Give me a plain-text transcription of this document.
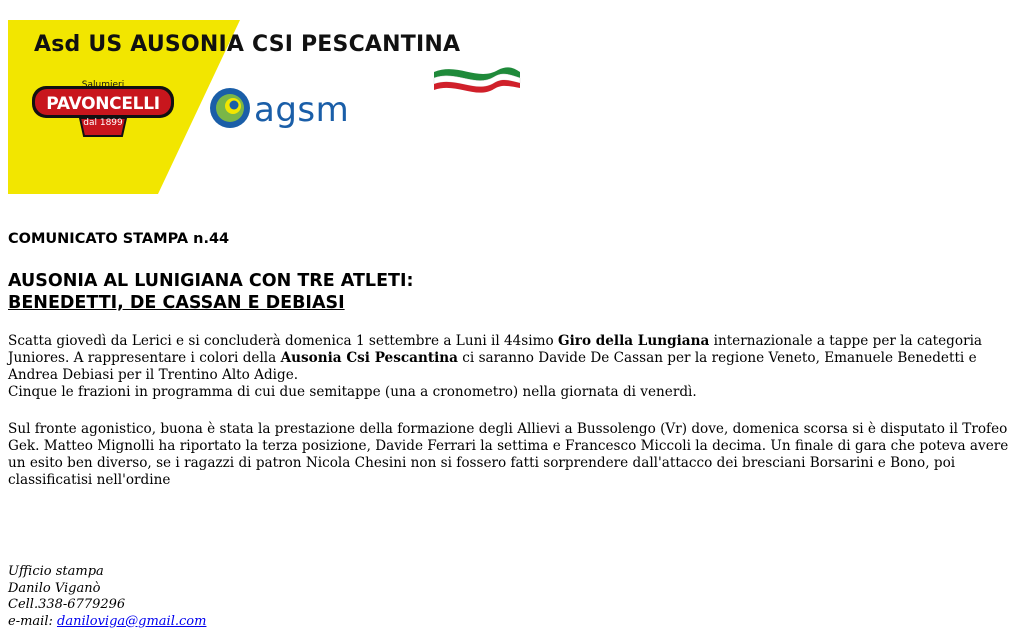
Asd US AUSONIA CSI PESCANTINA
Salumieri
PAVONCELLI
dal 1899	agsm
COMUNICATO STAMPA n.44
AUSONIA AL LUNIGIANA CON TRE ATLETI:
BENEDETTI, DE CASSAN E DEBIASI
Scatta giovedì da Lerici e si concluderà domenica 1 settembre a Luni il 44simo Giro della Lungiana internazionale a tappe per la categoria Juniores. A rappresentare i colori della Ausonia Csi Pescantina ci saranno Davide De Cassan per la regione Veneto, Emanuele Benedetti e Andrea Debiasi per il Trentino Alto Adige.
Cinque le frazioni in programma di cui due semitappe (una a cronometro) nella giornata di venerdì.
Sul fronte agonistico, buona è stata la prestazione della formazione degli Allievi a Bussolengo (Vr) dove, domenica scorsa si è disputato il Trofeo Gek. Matteo Mignolli ha riportato la terza posizione, Davide Ferrari la settima e Francesco Miccoli la decima. Un finale di gara che poteva avere un esito ben diverso, se i ragazzi di patron Nicola Chesini non si fossero fatti sorprendere dall'attacco dei bresciani Borsarini e Bono, poi classificatisi nell'ordine
Ufficio stampa
Danilo Viganò
Cell.338-6779296
e-mail: daniloviga@gmail.com
